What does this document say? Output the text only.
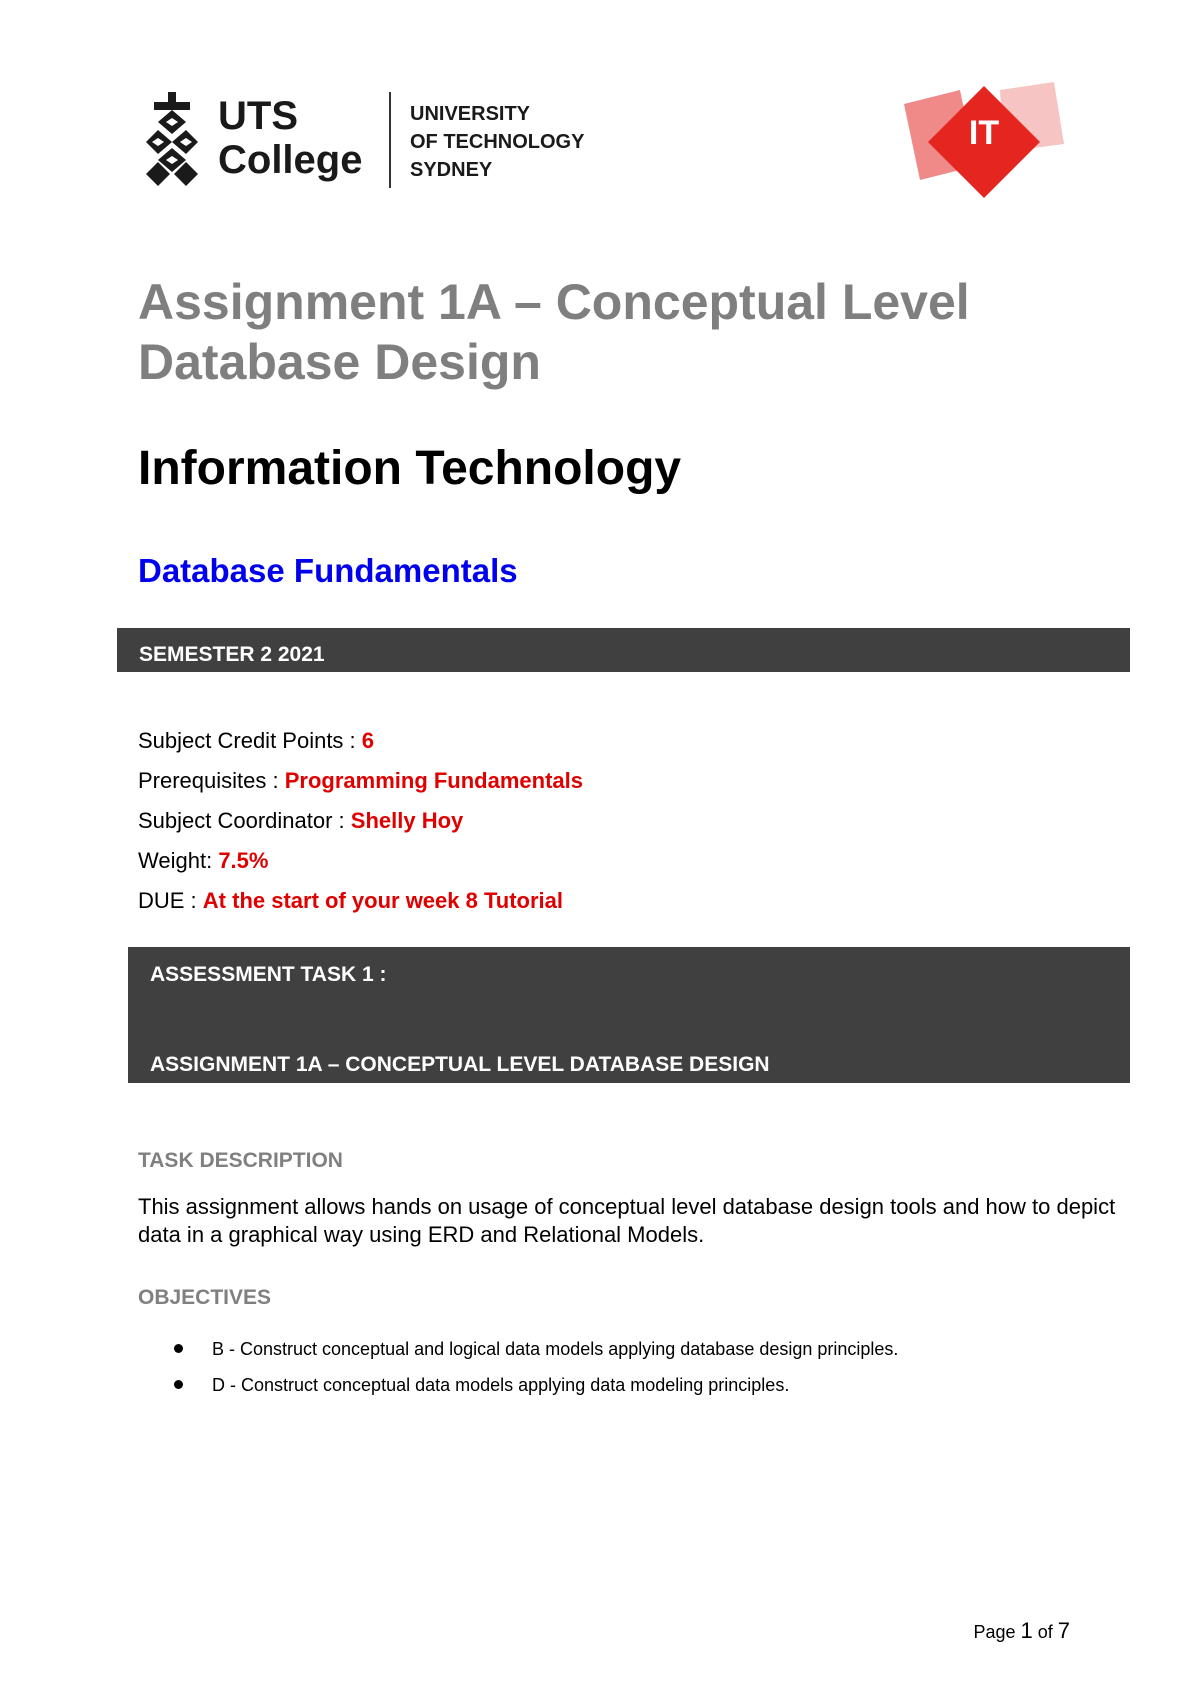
UTS
College
UNIVERSITY
OF TECHNOLOGY
SYDNEY
IT
Assignment 1A – Conceptual Level
Database Design
Information Technology
Database Fundamentals
SEMESTER 2 2021
Subject Credit Points : 6
Prerequisites : Programming Fundamentals
Subject Coordinator : Shelly Hoy
Weight: 7.5%
DUE : At the start of your week 8 Tutorial
ASSESSMENT TASK 1 :
ASSIGNMENT 1A – CONCEPTUAL LEVEL DATABASE DESIGN
TASK DESCRIPTION

This assignment allows hands on usage of conceptual level database design tools and how to depict data in a graphical way using ERD and Relational Models.

OBJECTIVES
B - Construct conceptual and logical data models applying database design principles.
D - Construct conceptual data models applying data modeling principles.
Page 1 of 7
